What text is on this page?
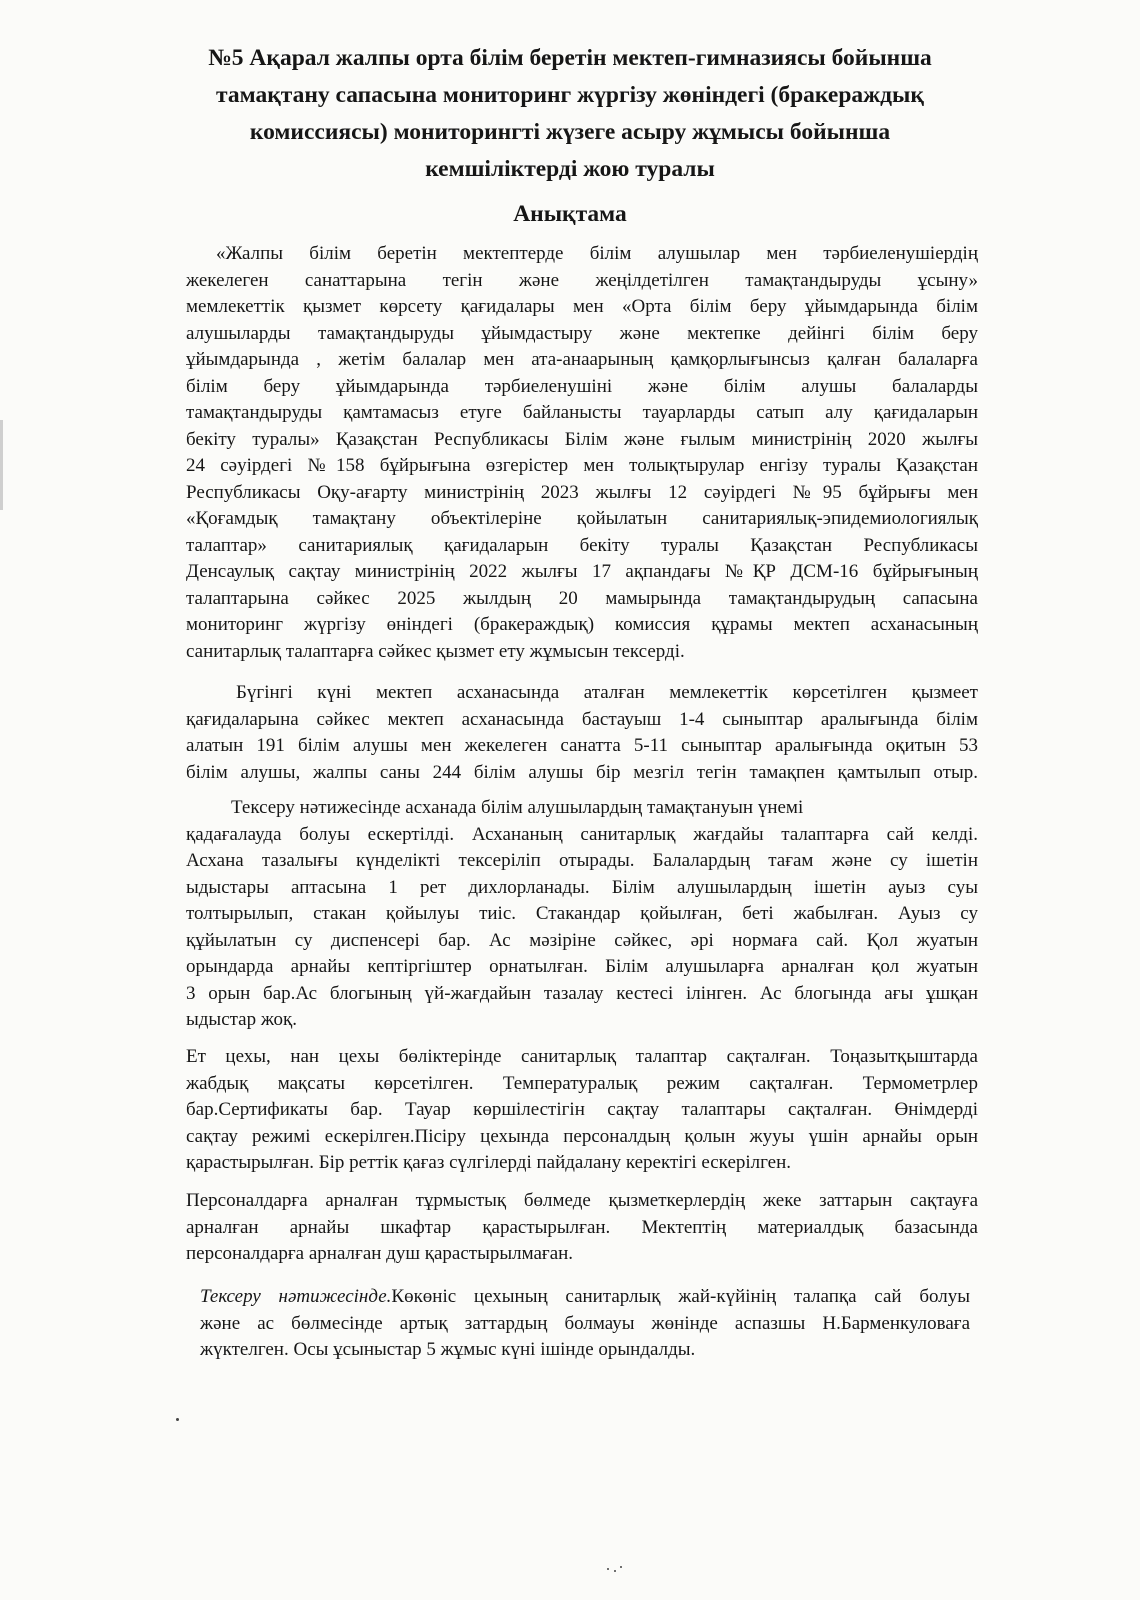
№5 Ақарал жалпы орта білім беретін мектеп-гимназиясы бойынша
тамақтану сапасына мониторинг жүргізу жөніндегі (бракераждық
комиссиясы) мониторингті жүзеге асыру жұмысы бойынша
кемшіліктерді жою туралы
Анықтама
«Жалпы білім беретін мектептерде білім алушылар мен тәрбиеленушіердің
жекелеген санаттарына тегін және жеңілдетілген тамақтандыруды ұсыну»
мемлекеттік қызмет көрсету қағидалары мен «Орта білім беру ұйымдарында білім
алушыларды тамақтандыруды ұйымдастыру және мектепке дейінгі білім беру
ұйымдарында , жетім балалар мен ата-анаарының қамқорлығынсыз қалған балаларға
білім беру ұйымдарында тәрбиеленушіні және білім алушы балаларды
тамақтандыруды қамтамасыз етуге байланысты тауарларды сатып алу қағидаларын
бекіту туралы» Қазақстан Республикасы Білім және ғылым министрінің 2020 жылғы
24 сәуірдегі №158 бұйрығына өзгерістер мен толықтырулар енгізу туралы Қазақстан
Республикасы Оқу-ағарту министрінің 2023 жылғы 12 сәуірдегі №95 бұйрығы мен
«Қоғамдық тамақтану объектілеріне қойылатын санитариялық-эпидемиологиялық
талаптар» санитариялық қағидаларын бекіту туралы Қазақстан Республикасы
Денсаулық сақтау министрінің 2022 жылғы 17 ақпандағы №ҚР ДСМ-16 бұйрығының
талаптарына сәйкес 2025 жылдың 20 мамырында тамақтандырудың сапасына
мониторинг жүргізу өніндегі (бракераждық) комиссия құрамы мектеп асханасының
санитарлық талаптарға сәйкес қызмет ету жұмысын тексерді.
Бүгінгі күні мектеп асханасында аталған мемлекеттік көрсетілген қызмеет
қағидаларына сәйкес мектеп асханасында бастауыш 1-4 сыныптар аралығында білім
алатын 191 білім алушы мен жекелеген санатта 5-11 сыныптар аралығында оқитын 53
білім алушы, жалпы саны 244 білім алушы бір мезгіл тегін тамақпен қамтылып отыр.
Тексеру нәтижесінде асханада білім алушылардың тамақтануын үнемі
қадағалауда болуы ескертілді. Асхананың санитарлық жағдайы талаптарға сай келді.
Асхана тазалығы күнделікті тексеріліп отырады. Балалардың тағам және су ішетін
ыдыстары аптасына 1 рет дихлорланады. Білім алушылардың ішетін ауыз суы
толтырылып, стакан қойылуы тиіс. Стакандар қойылған, беті жабылған. Ауыз су
құйылатын су диспенсері бар. Ас мәзіріне сәйкес, әрі нормаға сай. Қол жуатын
орындарда арнайы кептіргіштер орнатылған. Білім алушыларға арналған қол жуатын
3 орын бар.Ас блогының үй-жағдайын тазалау кестесі ілінген. Ас блогында ағы ұшқан
ыдыстар жоқ.
Ет цехы, нан цехы бөліктерінде санитарлық талаптар сақталған. Тоңазытқыштарда
жабдық мақсаты көрсетілген. Температуралық режим сақталған. Термометрлер
бар.Сертификаты бар. Тауар көршілестігін сақтау талаптары сақталған. Өнімдерді
сақтау режимі ескерілген.Пісіру цехында персоналдың қолын жууы үшін арнайы орын
қарастырылған. Бір реттік қағаз сүлгілерді пайдалану керектігі ескерілген.
Персоналдарға арналған тұрмыстық бөлмеде қызметкерлердің жеке заттарын сақтауға
арналған арнайы шкафтар қарастырылған. Мектептің материалдық базасында
персоналдарға арналған душ қарастырылмаған.
Тексеру нәтижесінде.Көкөніс цехының санитарлық жай-күйінің талапқа сай болуы
және ас бөлмесінде артық заттардың болмауы жөнінде аспазшы Н.Барменкуловаға
жүктелген. Осы ұсыныстар 5 жұмыс күні ішінде орындалды.
